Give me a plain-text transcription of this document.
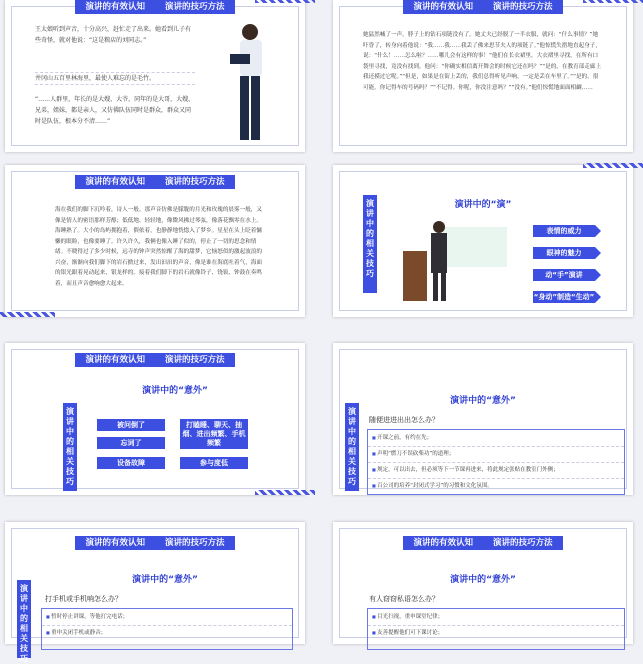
演讲的有效认知	演讲的技巧方法
王太娘听到声音，十分高兴，赶忙走了出来。她看到儿子有些奇怪，就对他说：“这是粮店的刘同志。”
井冈山五百里林海里，最使人难忘的是毛竹。
“……人群里，年长的是大嫂，大爷，同年的是大哥，大嫂，兄弟，姐妹，都是亲人，又仿佛队伍同时是群众，群众又同时是队伍，根本分不清……”
演讲的有效认知	演讲的技巧方法
她猛然喊了一声，脖子上的钻石项链没有了。她丈夫已经脱了一半衣服，就问：“什么事情？”她吓昏了，转身向着他说：“我……我……我丢了佛来思节夫人的项链了。”他惊慌失措地直起身子，说：“什么！……怎么啦？……哪儿会有这样的事！”他们在长衣裙里，大衣褶里寻找，在所有口袋里寻找，竟没有找到。他问：“你确实相信离开舞会的时候它还在吗？”“是的，在教育部走廊上我还摸过它呢。”“但是，如果是在街上丢的，我们总得听见声响。一定是丢在车里了。”“是的，很可能。你记得车的号码吗？”“不记得。你呢，你没注意吗？”“没有。”他们惊慌地面面相觑……
演讲的有效认知	演讲的技巧方法
海在我们的脚下沉吟着，诗人一般。那声音仿佛是朦胧的月光和玫瑰的晨雾一般，又像是情人的密语那样芳醇；低低地、轻轻地，像微风拂过琴弦，像落花飘零在水上。海睡熟了。大小的岛屿拥抱着，偎依着，也静静地恍惚入了梦乡。星星在头上眨着慵懒的眼睑，也像要睡了。许久许久，我俩也像入睡了似的，停止了一切的思念和情绪。不晓得过了多少时候，远寺的钟声突然惊醒了海的甜梦，它恼怒似的激起波浪的兴奋，渐渐向我们脚下的岩石掀过来，发出汩汩的声音，像是谁在海底吐着气，海面的银光跟着晃动起来，银龙样的。接着我们脚下的岩石就像铃子、铙钹、钟鼓在奏鸣着，而且声音愈响愈大起来。
演讲中的相关技巧
演讲中的“演”
表情的威力
眼神的魅力
动“手”演讲
“身动”制造“生动”
演讲的有效认知	演讲的技巧方法
演讲中的相关技巧
演讲中的“意外”
被问倒了
忘词了
设备故障
打瞌睡、聊天、抽烟、进出频繁、手机频繁
参与度低
演讲中的相关技巧
演讲中的“意外”
随便进进出出怎么办？
■ 开课之前，有约在先；
■ 声明“燃刀不误砍柴功”的道理；
■ 规定，可以出去，但必须等下一节课再进来，将此规定张贴在教室门外侧；
■ 百公司的培养“封闭式学习”的习惯和文化氛围。
演讲的有效认知	演讲的技巧方法
演讲中的相关技巧
演讲中的“意外”
打手机或手机响怎么办？
■ 暂时停止讲课，等他打完电话；
■ 重申关闭手机或静音；
演讲的有效认知	演讲的技巧方法
演讲中的“意外”
有人窃窃私语怎么办？
■ 目光扫视，重申课堂纪律；
■ 友善提醒他们可下课讨论；
